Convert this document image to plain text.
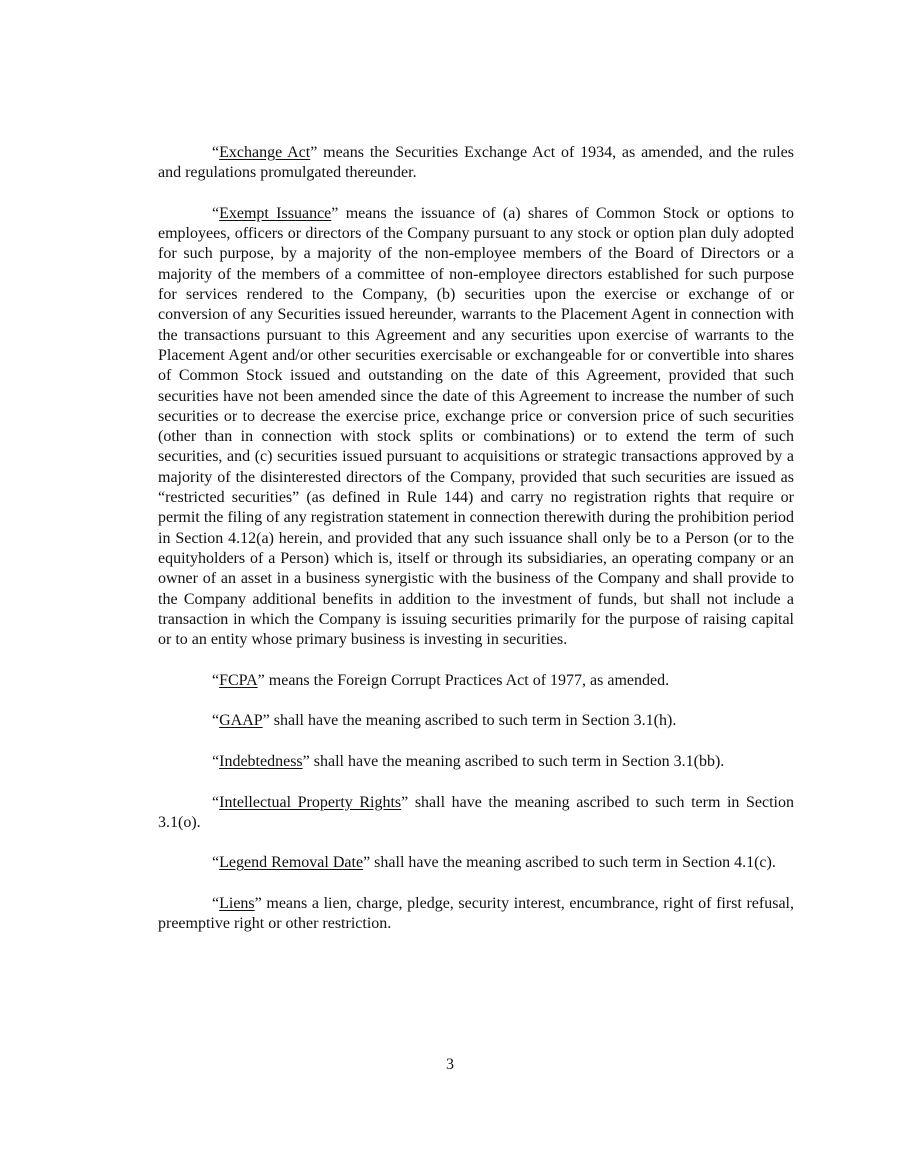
“Exchange Act” means the Securities Exchange Act of 1934, as amended, and the rules and regulations promulgated thereunder.

“Exempt Issuance” means the issuance of (a) shares of Common Stock or options to employees, officers or directors of the Company pursuant to any stock or option plan duly adopted for such purpose, by a majority of the non-employee members of the Board of Directors or a majority of the members of a committee of non-employee directors established for such purpose for services rendered to the Company, (b) securities upon the exercise or exchange of or conversion of any Securities issued hereunder, warrants to the Placement Agent in connection with the transactions pursuant to this Agreement and any securities upon exercise of warrants to the Placement Agent and/or other securities exercisable or exchangeable for or convertible into shares of Common Stock issued and outstanding on the date of this Agreement, provided that such securities have not been amended since the date of this Agreement to increase the number of such securities or to decrease the exercise price, exchange price or conversion price of such securities (other than in connection with stock splits or combinations) or to extend the term of such securities, and (c) securities issued pursuant to acquisitions or strategic transactions approved by a majority of the disinterested directors of the Company, provided that such securities are issued as “restricted securities” (as defined in Rule 144) and carry no registration rights that require or permit the filing of any registration statement in connection therewith during the prohibition period in Section 4.12(a) herein, and provided that any such issuance shall only be to a Person (or to the equityholders of a Person) which is, itself or through its subsidiaries, an operating company or an owner of an asset in a business synergistic with the business of the Company and shall provide to the Company additional benefits in addition to the investment of funds, but shall not include a transaction in which the Company is issuing securities primarily for the purpose of raising capital or to an entity whose primary business is investing in securities.

“FCPA” means the Foreign Corrupt Practices Act of 1977, as amended.

“GAAP” shall have the meaning ascribed to such term in Section 3.1(h).

“Indebtedness” shall have the meaning ascribed to such term in Section 3.1(bb).

“Intellectual Property Rights” shall have the meaning ascribed to such term in Section 3.1(o).

“Legend Removal Date” shall have the meaning ascribed to such term in Section 4.1(c).

“Liens” means a lien, charge, pledge, security interest, encumbrance, right of first refusal, preemptive right or other restriction.

3
